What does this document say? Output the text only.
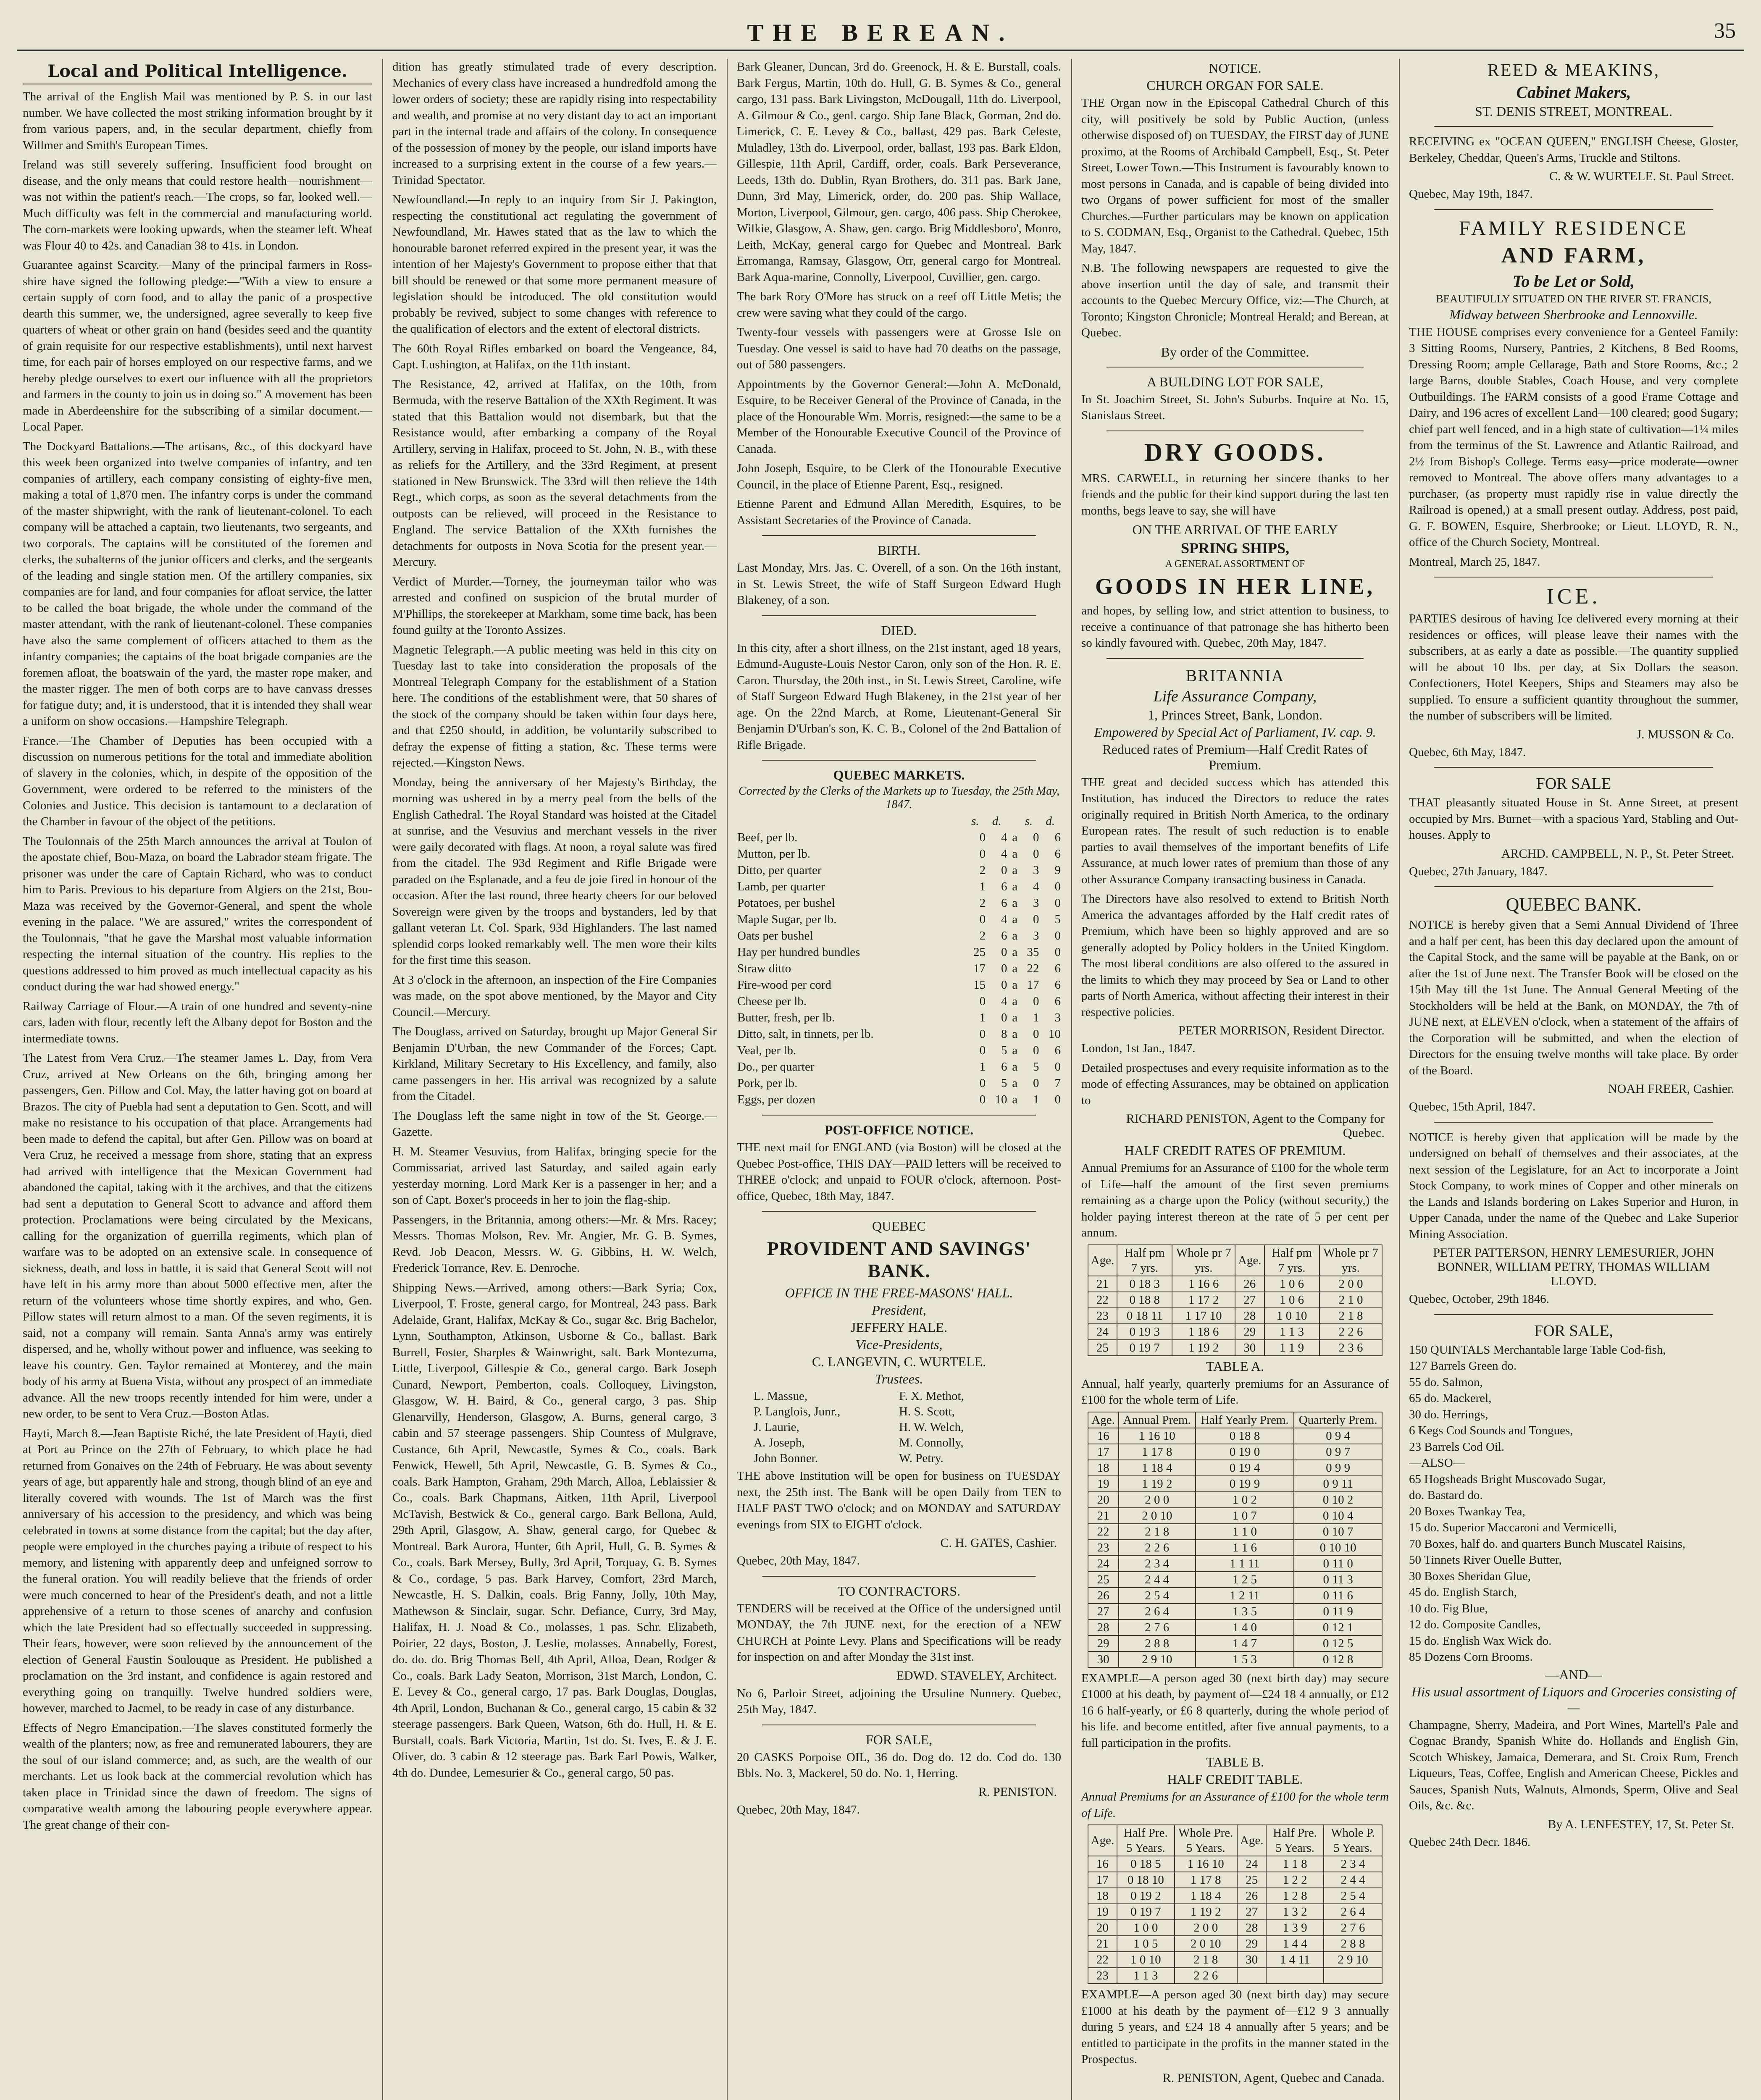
THE BEREAN.	35
Local and Political Intelligence.

The arrival of the English Mail was mentioned by P. S. in our last number. We have collected the most striking information brought by it from various papers, and, in the secular department, chiefly from Willmer and Smith's European Times.

Ireland was still severely suffering. Insufficient food brought on disease, and the only means that could restore health—nourishment—was not within the patient's reach.—The crops, so far, looked well.—Much difficulty was felt in the commercial and manufacturing world. The corn-markets were looking upwards, when the steamer left. Wheat was Flour 40 to 42s. and Canadian 38 to 41s. in London.

Guarantee against Scarcity.—Many of the principal farmers in Ross-shire have signed the following pledge:—"With a view to ensure a certain supply of corn food, and to allay the panic of a prospective dearth this summer, we, the undersigned, agree severally to keep five quarters of wheat or other grain on hand (besides seed and the quantity of grain requisite for our respective establishments), until next harvest time, for each pair of horses employed on our respective farms, and we hereby pledge ourselves to exert our influence with all the proprietors and farmers in the county to join us in doing so." A movement has been made in Aberdeenshire for the subscribing of a similar document.—Local Paper.

The Dockyard Battalions.—The artisans, &c., of this dockyard have this week been organized into twelve companies of infantry, and ten companies of artillery, each company consisting of eighty-five men, making a total of 1,870 men. The infantry corps is under the command of the master shipwright, with the rank of lieutenant-colonel. To each company will be attached a captain, two lieutenants, two sergeants, and two corporals. The captains will be constituted of the foremen and clerks, the subalterns of the junior officers and clerks, and the sergeants of the leading and single station men. Of the artillery companies, six companies are for land, and four companies for afloat service, the latter to be called the boat brigade, the whole under the command of the master attendant, with the rank of lieutenant-colonel. These companies have also the same complement of officers attached to them as the infantry companies; the captains of the boat brigade companies are the foremen afloat, the boatswain of the yard, the master rope maker, and the master rigger. The men of both corps are to have canvass dresses for fatigue duty; and, it is understood, that it is intended they shall wear a uniform on show occasions.—Hampshire Telegraph.

France.—The Chamber of Deputies has been occupied with a discussion on numerous petitions for the total and immediate abolition of slavery in the colonies, which, in despite of the opposition of the Government, were ordered to be referred to the ministers of the Colonies and Justice. This decision is tantamount to a declaration of the Chamber in favour of the object of the petitions.

The Toulonnais of the 25th March announces the arrival at Toulon of the apostate chief, Bou-Maza, on board the Labrador steam frigate. The prisoner was under the care of Captain Richard, who was to conduct him to Paris. Previous to his departure from Algiers on the 21st, Bou-Maza was received by the Governor-General, and spent the whole evening in the palace. "We are assured," writes the correspondent of the Toulonnais, "that he gave the Marshal most valuable information respecting the internal situation of the country. His replies to the questions addressed to him proved as much intellectual capacity as his conduct during the war had showed energy."

Railway Carriage of Flour.—A train of one hundred and seventy-nine cars, laden with flour, recently left the Albany depot for Boston and the intermediate towns.

The Latest from Vera Cruz.—The steamer James L. Day, from Vera Cruz, arrived at New Orleans on the 6th, bringing among her passengers, Gen. Pillow and Col. May, the latter having got on board at Brazos. The city of Puebla had sent a deputation to Gen. Scott, and will make no resistance to his occupation of that place. Arrangements had been made to defend the capital, but after Gen. Pillow was on board at Vera Cruz, he received a message from shore, stating that an express had arrived with intelligence that the Mexican Government had abandoned the capital, taking with it the archives, and that the citizens had sent a deputation to General Scott to advance and afford them protection. Proclamations were being circulated by the Mexicans, calling for the organization of guerrilla regiments, which plan of warfare was to be adopted on an extensive scale. In consequence of sickness, death, and loss in battle, it is said that General Scott will not have left in his army more than about 5000 effective men, after the return of the volunteers whose time shortly expires, and who, Gen. Pillow states will return almost to a man. Of the seven regiments, it is said, not a company will remain. Santa Anna's army was entirely dispersed, and he, wholly without power and influence, was seeking to leave his country. Gen. Taylor remained at Monterey, and the main body of his army at Buena Vista, without any prospect of an immediate advance. All the new troops recently intended for him were, under a new order, to be sent to Vera Cruz.—Boston Atlas.

Hayti, March 8.—Jean Baptiste Riché, the late President of Hayti, died at Port au Prince on the 27th of February, to which place he had returned from Gonaives on the 24th of February. He was about seventy years of age, but apparently hale and strong, though blind of an eye and literally covered with wounds. The 1st of March was the first anniversary of his accession to the presidency, and which was being celebrated in towns at some distance from the capital; but the day after, people were employed in the churches paying a tribute of respect to his memory, and listening with apparently deep and unfeigned sorrow to the funeral oration. You will readily believe that the friends of order were much concerned to hear of the President's death, and not a little apprehensive of a return to those scenes of anarchy and confusion which the late President had so effectually succeeded in suppressing. Their fears, however, were soon relieved by the announcement of the election of General Faustin Soulouque as President. He published a proclamation on the 3rd instant, and confidence is again restored and everything going on tranquilly. Twelve hundred soldiers were, however, marched to Jacmel, to be ready in case of any disturbance.

Effects of Negro Emancipation.—The slaves constituted formerly the wealth of the planters; now, as free and remunerated labourers, they are the soul of our island commerce; and, as such, are the wealth of our merchants. Let us look back at the commercial revolution which has taken place in Trinidad since the dawn of freedom. The signs of comparative wealth among the labouring people everywhere appear. The great change of their con-

dition has greatly stimulated trade of every description. Mechanics of every class have increased a hundredfold among the lower orders of society; these are rapidly rising into respectability and wealth, and promise at no very distant day to act an important part in the internal trade and affairs of the colony. In consequence of the possession of money by the people, our island imports have increased to a surprising extent in the course of a few years.—Trinidad Spectator.

Newfoundland.—In reply to an inquiry from Sir J. Pakington, respecting the constitutional act regulating the government of Newfoundland, Mr. Hawes stated that as the law to which the honourable baronet referred expired in the present year, it was the intention of her Majesty's Government to propose either that that bill should be renewed or that some more permanent measure of legislation should be introduced. The old constitution would probably be revived, subject to some changes with reference to the qualification of electors and the extent of electoral districts.

The 60th Royal Rifles embarked on board the Vengeance, 84, Capt. Lushington, at Halifax, on the 11th instant.

The Resistance, 42, arrived at Halifax, on the 10th, from Bermuda, with the reserve Battalion of the XXth Regiment. It was stated that this Battalion would not disembark, but that the Resistance would, after embarking a company of the Royal Artillery, serving in Halifax, proceed to St. John, N. B., with these as reliefs for the Artillery, and the 33rd Regiment, at present stationed in New Brunswick. The 33rd will then relieve the 14th Regt., which corps, as soon as the several detachments from the outposts can be relieved, will proceed in the Resistance to England. The service Battalion of the XXth furnishes the detachments for outposts in Nova Scotia for the present year.—Mercury.

Verdict of Murder.—Torney, the journeyman tailor who was arrested and confined on suspicion of the brutal murder of M'Phillips, the storekeeper at Markham, some time back, has been found guilty at the Toronto Assizes.

Magnetic Telegraph.—A public meeting was held in this city on Tuesday last to take into consideration the proposals of the Montreal Telegraph Company for the establishment of a Station here. The conditions of the establishment were, that 50 shares of the stock of the company should be taken within four days here, and that £250 should, in addition, be voluntarily subscribed to defray the expense of fitting a station, &c. These terms were rejected.—Kingston News.

Monday, being the anniversary of her Majesty's Birthday, the morning was ushered in by a merry peal from the bells of the English Cathedral. The Royal Standard was hoisted at the Citadel at sunrise, and the Vesuvius and merchant vessels in the river were gaily decorated with flags. At noon, a royal salute was fired from the citadel. The 93d Regiment and Rifle Brigade were paraded on the Esplanade, and a feu de joie fired in honour of the occasion. After the last round, three hearty cheers for our beloved Sovereign were given by the troops and bystanders, led by that gallant veteran Lt. Col. Spark, 93d Highlanders. The last named splendid corps looked remarkably well. The men wore their kilts for the first time this season.

At 3 o'clock in the afternoon, an inspection of the Fire Companies was made, on the spot above mentioned, by the Mayor and City Council.—Mercury.

The Douglass, arrived on Saturday, brought up Major General Sir Benjamin D'Urban, the new Commander of the Forces; Capt. Kirkland, Military Secretary to His Excellency, and family, also came passengers in her. His arrival was recognized by a salute from the Citadel.

The Douglass left the same night in tow of the St. George.—Gazette.

H. M. Steamer Vesuvius, from Halifax, bringing specie for the Commissariat, arrived last Saturday, and sailed again early yesterday morning. Lord Mark Ker is a passenger in her; and a son of Capt. Boxer's proceeds in her to join the flag-ship.

Passengers, in the Britannia, among others:—Mr. & Mrs. Racey; Messrs. Thomas Molson, Rev. Mr. Angier, Mr. G. B. Symes, Revd. Job Deacon, Messrs. W. G. Gibbins, H. W. Welch, Frederick Torrance, Rev. E. Denroche.

Shipping News.—Arrived, among others:—Bark Syria; Cox, Liverpool, T. Froste, general cargo, for Montreal, 243 pass. Bark Adelaide, Grant, Halifax, McKay & Co., sugar &c. Brig Bachelor, Lynn, Southampton, Atkinson, Usborne & Co., ballast. Bark Burrell, Foster, Sharples & Wainwright, salt. Bark Montezuma, Little, Liverpool, Gillespie & Co., general cargo. Bark Joseph Cunard, Newport, Pemberton, coals. Colloquey, Livingston, Glasgow, W. H. Baird, & Co., general cargo, 3 pas. Ship Glenarvilly, Henderson, Glasgow, A. Burns, general cargo, 3 cabin and 57 steerage passengers. Ship Countess of Mulgrave, Custance, 6th April, Newcastle, Symes & Co., coals. Bark Fenwick, Hewell, 5th April, Newcastle, G. B. Symes & Co., coals. Bark Hampton, Graham, 29th March, Alloa, Leblaissier & Co., coals. Bark Chapmans, Aitken, 11th April, Liverpool McTavish, Bestwick & Co., general cargo. Bark Bellona, Auld, 29th April, Glasgow, A. Shaw, general cargo, for Quebec & Montreal. Bark Aurora, Hunter, 6th April, Hull, G. B. Symes & Co., coals. Bark Mersey, Bully, 3rd April, Torquay, G. B. Symes & Co., cordage, 5 pas. Bark Harvey, Comfort, 23rd March, Newcastle, H. S. Dalkin, coals. Brig Fanny, Jolly, 10th May, Mathewson & Sinclair, sugar. Schr. Defiance, Curry, 3rd May, Halifax, H. J. Noad & Co., molasses, 1 pas. Schr. Elizabeth, Poirier, 22 days, Boston, J. Leslie, molasses. Annabelly, Forest, do. do. do. Brig Thomas Bell, 4th April, Alloa, Dean, Rodger & Co., coals. Bark Lady Seaton, Morrison, 31st March, London, C. E. Levey & Co., general cargo, 17 pas. Bark Douglas, Douglas, 4th April, London, Buchanan & Co., general cargo, 15 cabin & 32 steerage passengers. Bark Queen, Watson, 6th do. Hull, H. & E. Burstall, coals. Bark Victoria, Martin, 1st do. St. Ives, E. & J. E. Oliver, do. 3 cabin & 12 steerage pas. Bark Earl Powis, Walker, 4th do. Dundee, Lemesurier & Co., general cargo, 50 pas.

Bark Gleaner, Duncan, 3rd do. Greenock, H. & E. Burstall, coals. Bark Fergus, Martin, 10th do. Hull, G. B. Symes & Co., general cargo, 131 pass. Bark Livingston, McDougall, 11th do. Liverpool, A. Gilmour & Co., genl. cargo. Ship Jane Black, Gorman, 2nd do. Limerick, C. E. Levey & Co., ballast, 429 pas. Bark Celeste, Muladley, 13th do. Liverpool, order, ballast, 193 pas. Bark Eldon, Gillespie, 11th April, Cardiff, order, coals. Bark Perseverance, Leeds, 13th do. Dublin, Ryan Brothers, do. 311 pas. Bark Jane, Dunn, 3rd May, Limerick, order, do. 200 pas. Ship Wallace, Morton, Liverpool, Gilmour, gen. cargo, 406 pass. Ship Cherokee, Wilkie, Glasgow, A. Shaw, gen. cargo. Brig Middlesboro', Monro, Leith, McKay, general cargo for Quebec and Montreal. Bark Erromanga, Ramsay, Glasgow, Orr, general cargo for Montreal. Bark Aqua-marine, Connolly, Liverpool, Cuvillier, gen. cargo.

The bark Rory O'More has struck on a reef off Little Metis; the crew were saving what they could of the cargo.

Twenty-four vessels with passengers were at Grosse Isle on Tuesday. One vessel is said to have had 70 deaths on the passage, out of 580 passengers.

Appointments by the Governor General:—John A. McDonald, Esquire, to be Receiver General of the Province of Canada, in the place of the Honourable Wm. Morris, resigned:—the same to be a Member of the Honourable Executive Council of the Province of Canada.

John Joseph, Esquire, to be Clerk of the Honourable Executive Council, in the place of Etienne Parent, Esq., resigned.

Etienne Parent and Edmund Allan Meredith, Esquires, to be Assistant Secretaries of the Province of Canada.

BIRTH.

Last Monday, Mrs. Jas. C. Overell, of a son. On the 16th instant, in St. Lewis Street, the wife of Staff Surgeon Edward Hugh Blakeney, of a son.

DIED.

In this city, after a short illness, on the 21st instant, aged 18 years, Edmund-Auguste-Louis Nestor Caron, only son of the Hon. R. E. Caron. Thursday, the 20th inst., in St. Lewis Street, Caroline, wife of Staff Surgeon Edward Hugh Blakeney, in the 21st year of her age. On the 22nd March, at Rome, Lieutenant-General Sir Benjamin D'Urban's son, K. C. B., Colonel of the 2nd Battalion of Rifle Brigade.

QUEBEC MARKETS.
Corrected by the Clerks of the Markets up to Tuesday, the 25th May, 1847.
	s.	d.		s.	d.
Beef, per lb.	0	4	a	0	6
Mutton, per lb.	0	4	a	0	6
Ditto, per quarter	2	0	a	3	9
Lamb, per quarter	1	6	a	4	0
Potatoes, per bushel	2	6	a	3	0
Maple Sugar, per lb.	0	4	a	0	5
Oats per bushel	2	6	a	3	0
Hay per hundred bundles	25	0	a	35	0
Straw ditto	17	0	a	22	6
Fire-wood per cord	15	0	a	17	6
Cheese per lb.	0	4	a	0	6
Butter, fresh, per lb.	1	0	a	1	3
Ditto, salt, in tinnets, per lb.	0	8	a	0	10
Veal, per lb.	0	5	a	0	6
Do., per quarter	1	6	a	5	0
Pork, per lb.	0	5	a	0	7
Eggs, per dozen	0	10	a	1	0
POST-OFFICE NOTICE.

THE next mail for ENGLAND (via Boston) will be closed at the Quebec Post-office, THIS DAY—PAID letters will be received to THREE o'clock; and unpaid to FOUR o'clock, afternoon. Post-office, Quebec, 18th May, 1847.

QUEBEC
PROVIDENT AND SAVINGS' BANK.
OFFICE IN THE FREE-MASONS' HALL.
President,
JEFFERY HALE.
Vice-Presidents,
C. LANGEVIN, C. WURTELE.
Trustees.
L. Massue,	F. X. Methot,
P. Langlois, Junr.,	H. S. Scott,
J. Laurie,	H. W. Welch,
A. Joseph,	M. Connolly,
John Bonner.	W. Petry.

THE above Institution will be open for business on TUESDAY next, the 25th inst. The Bank will be open Daily from TEN to HALF PAST TWO o'clock; and on MONDAY and SATURDAY evenings from SIX to EIGHT o'clock.

C. H. GATES, Cashier.
Quebec, 20th May, 1847.
TO CONTRACTORS.

TENDERS will be received at the Office of the undersigned until MONDAY, the 7th JUNE next, for the erection of a NEW CHURCH at Pointe Levy. Plans and Specifications will be ready for inspection on and after Monday the 31st inst.

EDWD. STAVELEY, Architect.
No 6, Parloir Street, adjoining the Ursuline Nunnery. Quebec, 25th May, 1847.
FOR SALE,

20 CASKS Porpoise OIL, 36 do. Dog do. 12 do. Cod do. 130 Bbls. No. 3, Mackerel, 50 do. No. 1, Herring.

R. PENISTON.
Quebec, 20th May, 1847.
NOTICE.
CHURCH ORGAN FOR SALE.

THE Organ now in the Episcopal Cathedral Church of this city, will positively be sold by Public Auction, (unless otherwise disposed of) on TUESDAY, the FIRST day of JUNE proximo, at the Rooms of Archibald Campbell, Esq., St. Peter Street, Lower Town.—This Instrument is favourably known to most persons in Canada, and is capable of being divided into two Organs of power sufficient for most of the smaller Churches.—Further particulars may be known on application to S. CODMAN, Esq., Organist to the Cathedral. Quebec, 15th May, 1847.

N.B. The following newspapers are requested to give the above insertion until the day of sale, and transmit their accounts to the Quebec Mercury Office, viz:—The Church, at Toronto; Kingston Chronicle; Montreal Herald; and Berean, at Quebec.

By order of the Committee.
A BUILDING LOT FOR SALE,

In St. Joachim Street, St. John's Suburbs. Inquire at No. 15, Stanislaus Street.

DRY GOODS.

MRS. CARWELL, in returning her sincere thanks to her friends and the public for their kind support during the last ten months, begs leave to say, she will have

ON THE ARRIVAL OF THE EARLY
SPRING SHIPS,
A GENERAL ASSORTMENT OF
GOODS IN HER LINE,

and hopes, by selling low, and strict attention to business, to receive a continuance of that patronage she has hitherto been so kindly favoured with. Quebec, 20th May, 1847.

BRITANNIA
Life Assurance Company,
1, Princes Street, Bank, London.
Empowered by Special Act of Parliament, IV. cap. 9.
Reduced rates of Premium—Half Credit Rates of Premium.

THE great and decided success which has attended this Institution, has induced the Directors to reduce the rates originally required in British North America, to the ordinary European rates. The result of such reduction is to enable parties to avail themselves of the important benefits of Life Assurance, at much lower rates of premium than those of any other Assurance Company transacting business in Canada.

The Directors have also resolved to extend to British North America the advantages afforded by the Half credit rates of Premium, which have been so highly approved and are so generally adopted by Policy holders in the United Kingdom. The most liberal conditions are also offered to the assured in the limits to which they may proceed by Sea or Land to other parts of North America, without affecting their interest in their respective policies.

PETER MORRISON, Resident Director.
London, 1st Jan., 1847.

Detailed prospectuses and every requisite information as to the mode of effecting Assurances, may be obtained on application to

RICHARD PENISTON, Agent to the Company for Quebec.
HALF CREDIT RATES OF PREMIUM.

Annual Premiums for an Assurance of £100 for the whole term of Life—half the amount of the first seven premiums remaining as a charge upon the Policy (without security,) the holder paying interest thereon at the rate of 5 per cent per annum.

Age.	Half pm 7 yrs.	Whole pr 7 yrs.	Age.	Half pm 7 yrs.	Whole pr 7 yrs.
21	0 18 3	1 16 6	26	1 0 6	2 0 0
22	0 18 8	1 17 2	27	1 0 6	2 1 0
23	0 18 11	1 17 10	28	1 0 10	2 1 8
24	0 19 3	1 18 6	29	1 1 3	2 2 6
25	0 19 7	1 19 2	30	1 1 9	2 3 6
TABLE A.

Annual, half yearly, quarterly premiums for an Assurance of £100 for the whole term of Life.

Age.	Annual Prem.	Half Yearly Prem.	Quarterly Prem.
16	1 16 10	0 18 8	0 9 4
17	1 17 8	0 19 0	0 9 7
18	1 18 4	0 19 4	0 9 9
19	1 19 2	0 19 9	0 9 11
20	2 0 0	1 0 2	0 10 2
21	2 0 10	1 0 7	0 10 4
22	2 1 8	1 1 0	0 10 7
23	2 2 6	1 1 6	0 10 10
24	2 3 4	1 1 11	0 11 0
25	2 4 4	1 2 5	0 11 3
26	2 5 4	1 2 11	0 11 6
27	2 6 4	1 3 5	0 11 9
28	2 7 6	1 4 0	0 12 1
29	2 8 8	1 4 7	0 12 5
30	2 9 10	1 5 3	0 12 8

EXAMPLE—A person aged 30 (next birth day) may secure £1000 at his death, by payment of—£24 18 4 annually, or £12 16 6 half-yearly, or £6 8 quarterly, during the whole period of his life. and become entitled, after five annual payments, to a full participation in the profits.

TABLE B.
HALF CREDIT TABLE.

Annual Premiums for an Assurance of £100 for the whole term of Life.

Age.	Half Pre. 5 Years.	Whole Pre. 5 Years.	Age.	Half Pre. 5 Years.	Whole P. 5 Years.
16	0 18 5	1 16 10	24	1 1 8	2 3 4
17	0 18 10	1 17 8	25	1 2 2	2 4 4
18	0 19 2	1 18 4	26	1 2 8	2 5 4
19	0 19 7	1 19 2	27	1 3 2	2 6 4
20	1 0 0	2 0 0	28	1 3 9	2 7 6
21	1 0 5	2 0 10	29	1 4 4	2 8 8
22	1 0 10	2 1 8	30	1 4 11	2 9 10
23	1 1 3	2 2 6			

EXAMPLE—A person aged 30 (next birth day) may secure £1000 at his death by the payment of—£12 9 3 annually during 5 years, and £24 18 4 annually after 5 years; and be entitled to participate in the profits in the manner stated in the Prospectus.

R. PENISTON, Agent, Quebec and Canada.
REED & MEAKINS,
Cabinet Makers,
ST. DENIS STREET, MONTREAL.

RECEIVING ex "OCEAN QUEEN," ENGLISH Cheese, Gloster, Berkeley, Cheddar, Queen's Arms, Truckle and Stiltons.

C. & W. WURTELE. St. Paul Street.
Quebec, May 19th, 1847.
FAMILY RESIDENCE
AND FARM,
To be Let or Sold,
BEAUTIFULLY SITUATED ON THE RIVER ST. FRANCIS,
Midway between Sherbrooke and Lennoxville.

THE HOUSE comprises every convenience for a Genteel Family: 3 Sitting Rooms, Nursery, Pantries, 2 Kitchens, 8 Bed Rooms, Dressing Room; ample Cellarage, Bath and Store Rooms, &c.; 2 large Barns, double Stables, Coach House, and very complete Outbuildings. The FARM consists of a good Frame Cottage and Dairy, and 196 acres of excellent Land—100 cleared; good Sugary; chief part well fenced, and in a high state of cultivation—1¼ miles from the terminus of the St. Lawrence and Atlantic Railroad, and 2½ from Bishop's College. Terms easy—price moderate—owner removed to Montreal. The above offers many advantages to a purchaser, (as property must rapidly rise in value directly the Railroad is opened,) at a small present outlay. Address, post paid, G. F. BOWEN, Esquire, Sherbrooke; or Lieut. LLOYD, R. N., office of the Church Society, Montreal.

Montreal, March 25, 1847.
ICE.

PARTIES desirous of having Ice delivered every morning at their residences or offices, will please leave their names with the subscribers, at as early a date as possible.—The quantity supplied will be about 10 lbs. per day, at Six Dollars the season. Confectioners, Hotel Keepers, Ships and Steamers may also be supplied. To ensure a sufficient quantity throughout the summer, the number of subscribers will be limited.

J. MUSSON & Co.
Quebec, 6th May, 1847.
FOR SALE

THAT pleasantly situated House in St. Anne Street, at present occupied by Mrs. Burnet—with a spacious Yard, Stabling and Out-houses. Apply to

ARCHD. CAMPBELL, N. P., St. Peter Street.
Quebec, 27th January, 1847.
QUEBEC BANK.

NOTICE is hereby given that a Semi Annual Dividend of Three and a half per cent, has been this day declared upon the amount of the Capital Stock, and the same will be payable at the Bank, on or after the 1st of June next. The Transfer Book will be closed on the 15th May till the 1st June. The Annual General Meeting of the Stockholders will be held at the Bank, on MONDAY, the 7th of JUNE next, at ELEVEN o'clock, when a statement of the affairs of the Corporation will be submitted, and when the election of Directors for the ensuing twelve months will take place. By order of the Board.

NOAH FREER, Cashier.
Quebec, 15th April, 1847.

NOTICE is hereby given that application will be made by the undersigned on behalf of themselves and their associates, at the next session of the Legislature, for an Act to incorporate a Joint Stock Company, to work mines of Copper and other minerals on the Lands and Islands bordering on Lakes Superior and Huron, in Upper Canada, under the name of the Quebec and Lake Superior Mining Association.

PETER PATTERSON, HENRY LEMESURIER, JOHN BONNER, WILLIAM PETRY, THOMAS WILLIAM LLOYD.
Quebec, October, 29th 1846.
FOR SALE,
150 QUINTALS Merchantable large Table Cod-fish,
127 Barrels Green do.
55 do. Salmon,
65 do. Mackerel,
30 do. Herrings,
6 Kegs Cod Sounds and Tongues,
23 Barrels Cod Oil.
—ALSO—
65 Hogsheads Bright Muscovado Sugar,
do. Bastard do.
20 Boxes Twankay Tea,
15 do. Superior Maccaroni and Vermicelli,
70 Boxes, half do. and quarters Bunch Muscatel Raisins,
50 Tinnets River Ouelle Butter,
30 Boxes Sheridan Glue,
45 do. English Starch,
10 do. Fig Blue,
12 do. Composite Candles,
15 do. English Wax Wick do.
85 Dozens Corn Brooms.
—AND—
His usual assortment of Liquors and Groceries consisting of—

Champagne, Sherry, Madeira, and Port Wines, Martell's Pale and Cognac Brandy, Spanish White do. Hollands and English Gin, Scotch Whiskey, Jamaica, Demerara, and St. Croix Rum, French Liqueurs, Teas, Coffee, English and American Cheese, Pickles and Sauces, Spanish Nuts, Walnuts, Almonds, Sperm, Olive and Seal Oils, &c. &c.

By A. LENFESTEY, 17, St. Peter St.
Quebec 24th Decr. 1846.
